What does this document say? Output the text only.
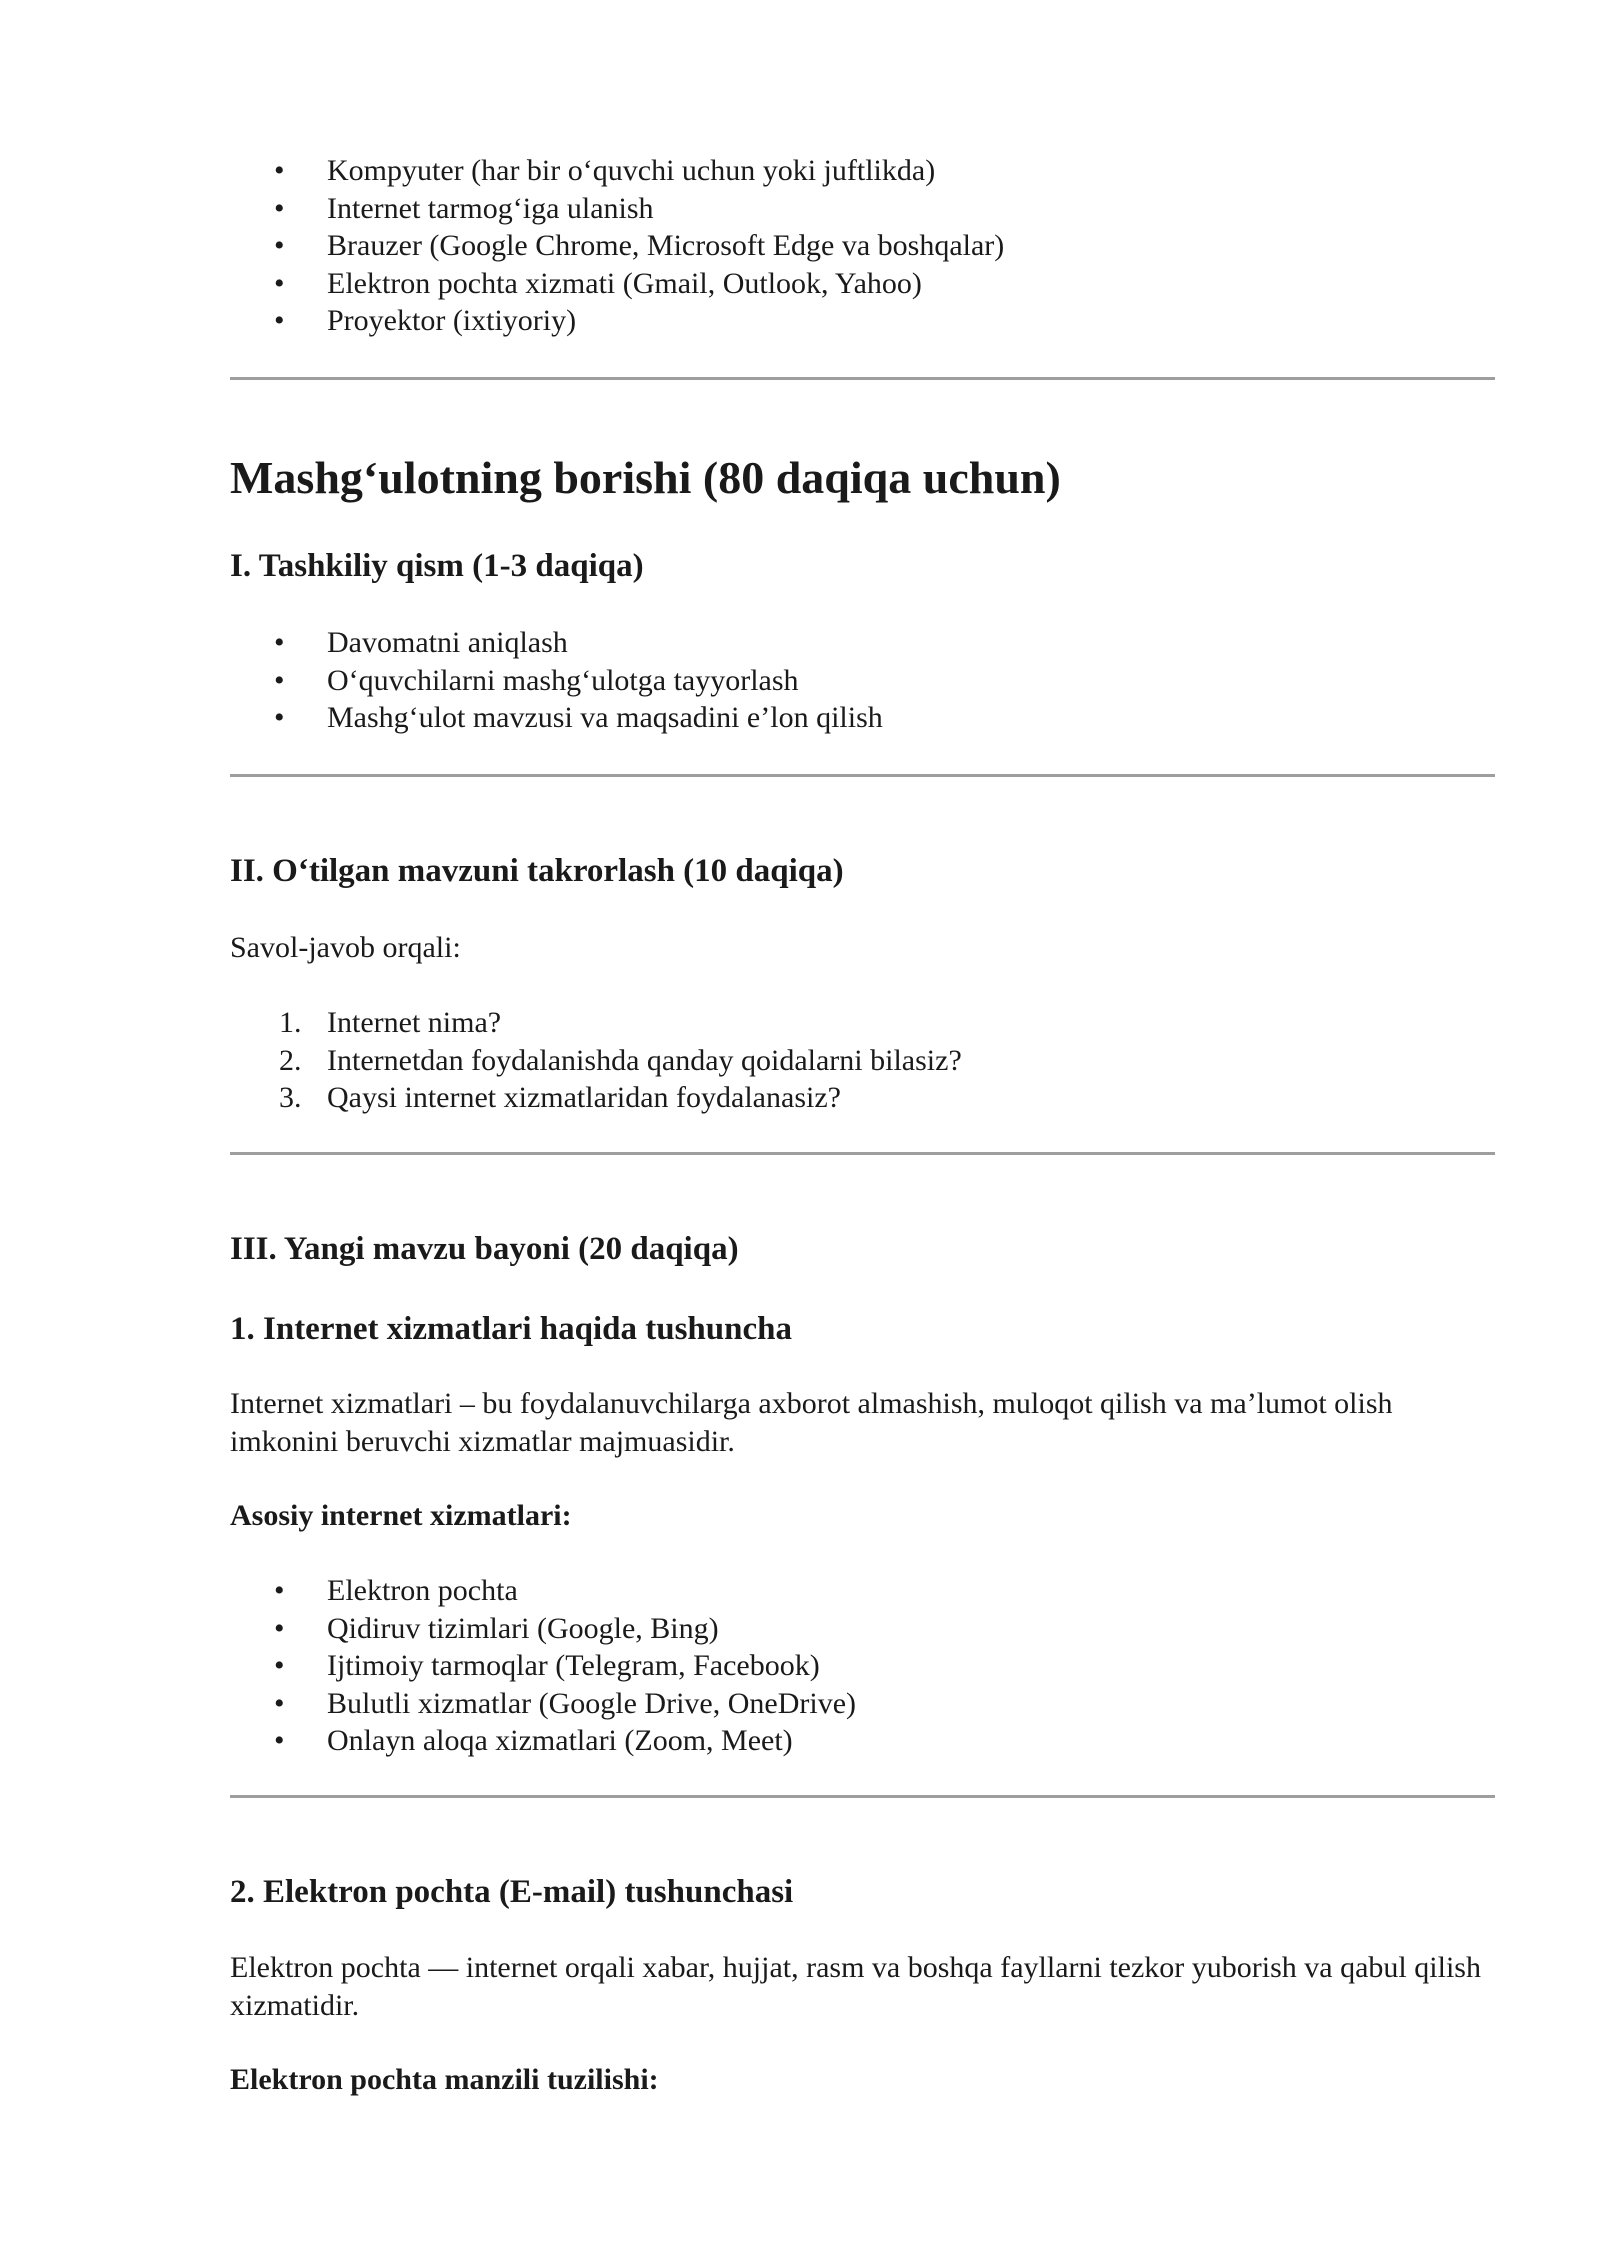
• Kompyuter (har bir o‘quvchi uchun yoki juftlikda)
• Internet tarmog‘iga ulanish
• Brauzer (Google Chrome, Microsoft Edge va boshqalar)
• Elektron pochta xizmati (Gmail, Outlook, Yahoo)
• Proyektor (ixtiyoriy)
Mashg‘ulotning borishi (80 daqiqa uchun)
I. Tashkiliy qism (1-3 daqiqa)
• Davomatni aniqlash
• O‘quvchilarni mashg‘ulotga tayyorlash
• Mashg‘ulot mavzusi va maqsadini e’lon qilish
II. O‘tilgan mavzuni takrorlash (10 daqiqa)

Savol-javob orqali:

1. Internet nima?
2. Internetdan foydalanishda qanday qoidalarni bilasiz?
3. Qaysi internet xizmatlaridan foydalanasiz?
III. Yangi mavzu bayoni (20 daqiqa)
1. Internet xizmatlari haqida tushuncha

Internet xizmatlari – bu foydalanuvchilarga axborot almashish, muloqot qilish va ma’lumot olish imkonini beruvchi xizmatlar majmuasidir.

Asosiy internet xizmatlari:

• Elektron pochta
• Qidiruv tizimlari (Google, Bing)
• Ijtimoiy tarmoqlar (Telegram, Facebook)
• Bulutli xizmatlar (Google Drive, OneDrive)
• Onlayn aloqa xizmatlari (Zoom, Meet)
2. Elektron pochta (E-mail) tushunchasi

Elektron pochta — internet orqali xabar, hujjat, rasm va boshqa fayllarni tezkor yuborish va qabul qilish xizmatidir.

Elektron pochta manzili tuzilishi:
